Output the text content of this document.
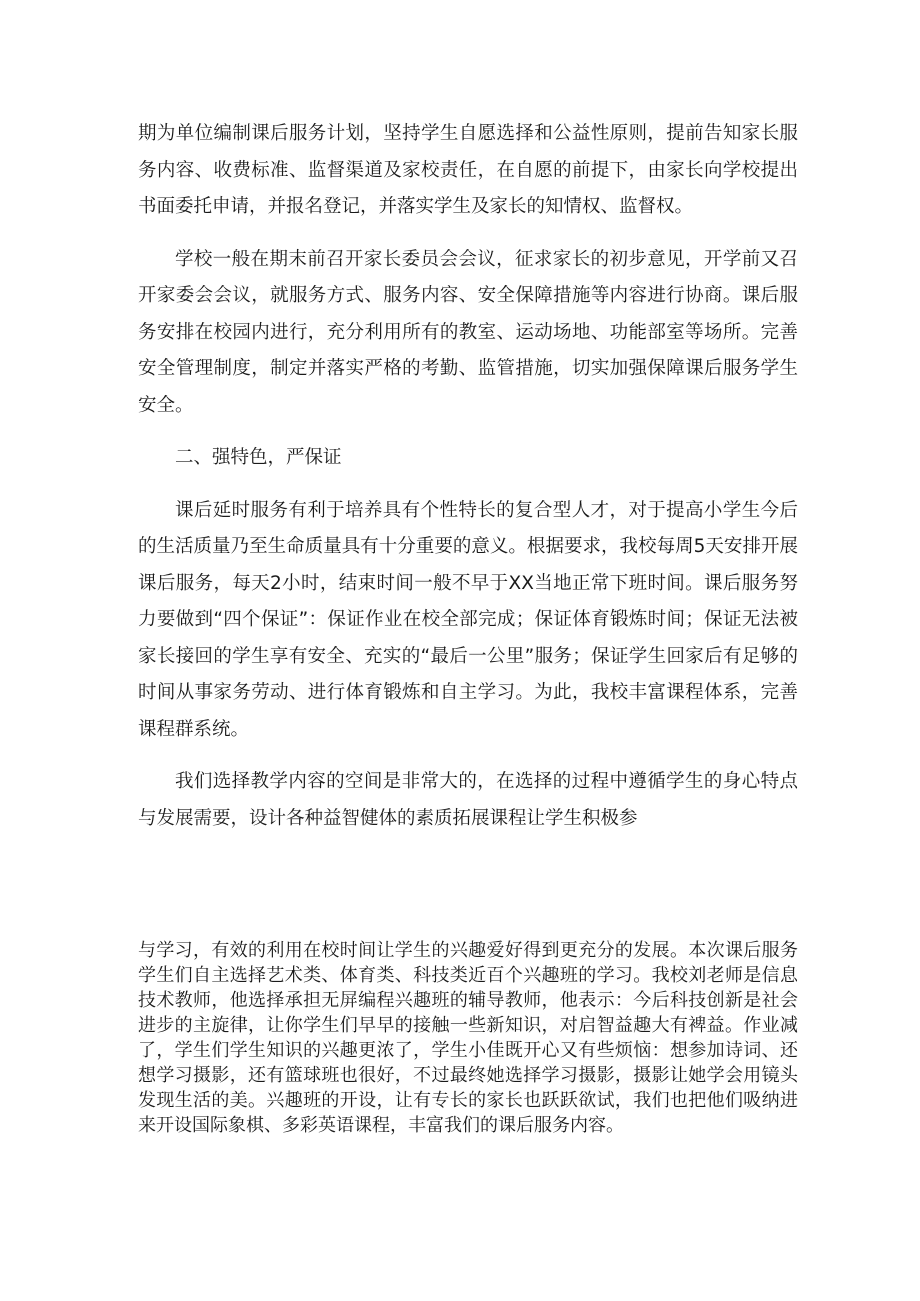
期为单位编制课后服务计划，坚持学生自愿选择和公益性原则，提前告知家长服务内容、收费标准、监督渠道及家校责任，在自愿的前提下，由家长向学校提出书面委托申请，并报名登记，并落实学生及家长的知情权、监督权。

学校一般在期末前召开家长委员会会议，征求家长的初步意见，开学前又召开家委会会议，就服务方式、服务内容、安全保障措施等内容进行协商。课后服务安排在校园内进行，充分利用所有的教室、运动场地、功能部室等场所。完善安全管理制度，制定并落实严格的考勤、监管措施，切实加强保障课后服务学生安全。

二、强特色，严保证

课后延时服务有利于培养具有个性特长的复合型人才，对于提高小学生今后的生活质量乃至生命质量具有十分重要的意义。根据要求，我校每周5天安排开展课后服务，每天2小时，结束时间一般不早于XX当地正常下班时间。课后服务努力要做到“四个保证”：保证作业在校全部完成；保证体育锻炼时间；保证无法被家长接回的学生享有安全、充实的“最后一公里”服务；保证学生回家后有足够的时间从事家务劳动、进行体育锻炼和自主学习。为此，我校丰富课程体系，完善课程群系统。

我们选择教学内容的空间是非常大的，在选择的过程中遵循学生的身心特点与发展需要，设计各种益智健体的素质拓展课程让学生积极参

与学习，有效的利用在校时间让学生的兴趣爱好得到更充分的发展。本次课后服务学生们自主选择艺术类、体育类、科技类近百个兴趣班的学习。我校刘老师是信息技术教师，他选择承担无屏编程兴趣班的辅导教师，他表示：今后科技创新是社会进步的主旋律，让你学生们早早的接触一些新知识，对启智益趣大有裨益。作业减了，学生们学生知识的兴趣更浓了，学生小佳既开心又有些烦恼：想参加诗词、还想学习摄影，还有篮球班也很好，不过最终她选择学习摄影，摄影让她学会用镜头发现生活的美。兴趣班的开设，让有专长的家长也跃跃欲试，我们也把他们吸纳进来开设国际象棋、多彩英语课程，丰富我们的课后服务内容。
